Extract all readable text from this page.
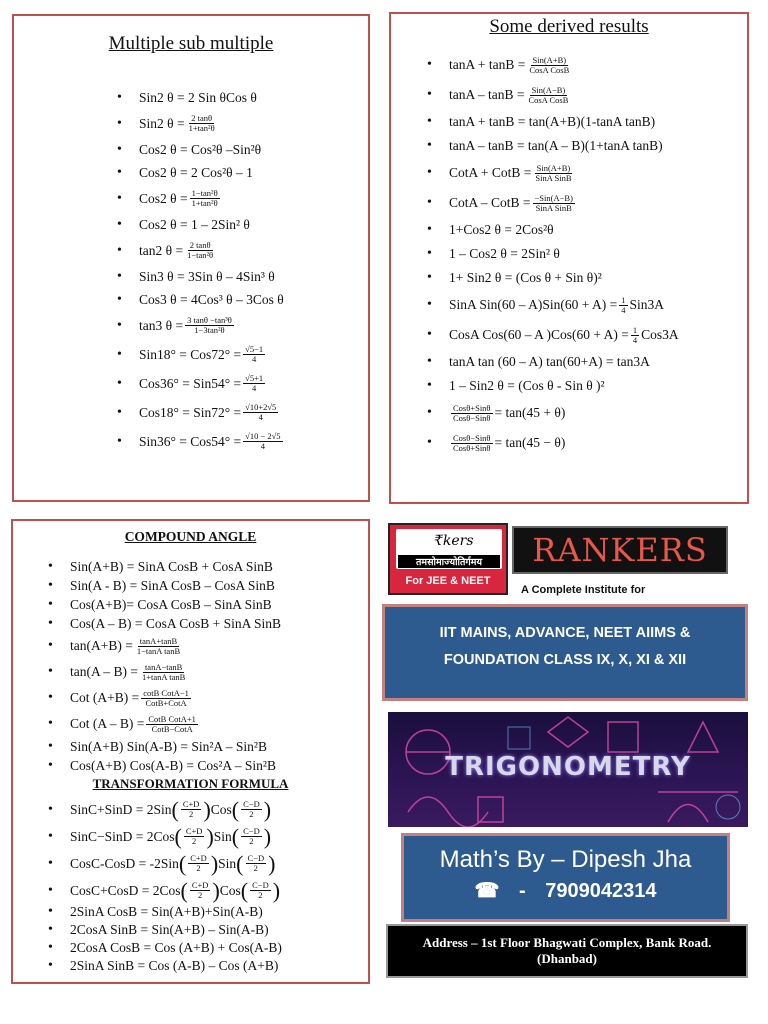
Multiple sub multiple
• Sin2 θ = 2 Sin θCos θ
• Sin2 $\theta = \frac{2 \tan\theta}{\text{1+tan²θ}}$
• Cos2 θ = Cos²θ –Sin²θ
• Cos2 θ = 2 Cos²θ – 1
• Cos2 $\theta = \frac{\text{1−tan²θ}}{\text{1+tan²θ}}$
• Cos2 θ = 1 – 2Sin² θ
• tan2 $\theta = \frac{2 \tan\theta}{\text{1−tan²θ}}$
• Sin3 θ = 3Sin θ – 4Sin³ θ
• Cos3 θ = 4Cos³ θ – 3Cos θ
• tan3 $\theta = \frac{\text{3 tanθ −tan³θ}}{\text{1−3tan²θ}}$
• $Sin18^\circ = Cos72^\circ = \frac{√5-1}{4}$
• $Cos36^\circ = Sin54^\circ = \frac{√5+1}{4}$
• $Cos18^\circ = Sin72^\circ = \frac{√10+2√5}{4}$
• $Sin36^\circ = Cos54^\circ = \frac{√10 - 2√5}{4}$
Some derived results
• $\tan A + \tan B = \frac{\text{Sin(A+B)}}{\text{CosA CosB}}$
• $\tan A - \tan B = \frac{\text{Sin(A−B)}}{\text{CosA CosB}}$
• tanA + tanB = tan(A+B)(1-tanA tanB)
• tanA – tanB = tan(A – B)(1+tanA tanB)
• CotA + CotB = $\frac{\text{Sin(A+B)}}{\text{SinA SinB}}$
• CotA – CotB = $\frac{\text{−Sin(A−B)}}{\text{SinA SinB}}$
• 1+Cos2 θ = 2Cos²θ
• 1 – Cos2 θ = 2Sin² θ
• 1+ Sin2 θ = (Cos θ + Sin θ)²
• SinA $Sin(60 - A)Sin(60 + A) = \frac{1}{4} Sin3A$
• CosA Cos(60 – A )$Cos(60 + A) = \frac{1}{4} Cos3A$
• tanA tan (60 – A) tan(60+A) = tan3A
• 1 – Sin2 θ = (Cos θ - Sin θ )²
• $\frac{\text{Cosθ+Sinθ}}{\text{Cosθ−Sinθ}} = \tan(45 + \theta)$
• $\frac{\text{Cosθ−Sinθ}}{\text{Cosθ+Sinθ}} = \tan(45 - \theta)$
COMPOUND ANGLE
• Sin(A+B) = SinA CosB + CosA SinB
• Sin(A - B) = SinA CosB – CosA SinB
• Cos(A+B)= CosA CosB – SinA SinB
• Cos(A – B) = CosA CosB + SinA SinB
• $\tan(A+B) = \frac{\tan A+\tan B}{\text{1−tanA tanB}}$
• $\tan(A - B) = \frac{\tan A-\tan B}{\text{1+tanA tanB}}$
• Cot $(A+B) = \frac{\text{cotB CotA−1}}{\text{CotB+CotA}}$
• Cot $(A - B) = \frac{\text{CotB CotA+1}}{\text{CotB−CotA}}$
• Sin(A+B) Sin(A-B) = Sin²A – Sin²B
• Cos(A+B) Cos(A-B) = Cos²A – Sin²B
TRANSFORMATION FORMULA
• SinC+SinD = 2Sin ( $\frac{C+D}{2}$ ) Cos ( $\frac{C-D}{2}$ )
• SinC−SinD = 2Cos ( $\frac{C+D}{2}$ ) Sin ( $\frac{C-D}{2}$ )
• CosC-CosD = -2Sin ( $\frac{C+D}{2}$ ) Sin ( $\frac{C-D}{2}$ )
• CosC+CosD = 2Cos ( $\frac{C+D}{2}$ ) Cos ( $\frac{C-D}{2}$ )
• 2SinA CosB = Sin(A+B)+Sin(A-B)
• 2CosA SinB = Sin(A+B) – Sin(A-B)
• 2CosA CosB = Cos (A+B) + Cos(A-B)
• 2SinA SinB = Cos (A-B) – Cos (A+B)
₹kers
तमसोमाज्योतिर्गमय
For JEE & NEET
RANKERS
A Complete Institute for
IIT MAINS, ADVANCE, NEET AIIMS &
FOUNDATION CLASS IX, X, XI & XII
TRIGONOMETRY
Math’s By – Dipesh Jha
☎ - 7909042314
Address – 1st Floor Bhagwati Complex, Bank Road.
(Dhanbad)
